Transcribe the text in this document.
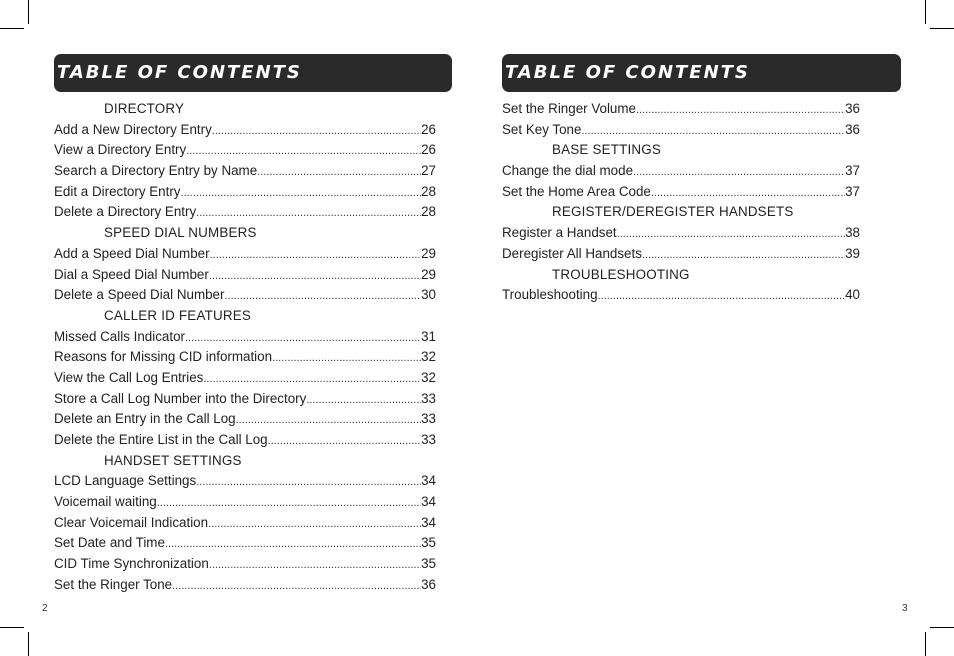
TABLE OF CONTENTS
DIRECTORY
Add a New Directory Entry .....	26
View a Directory Entry .....	26
Search a Directory Entry by Name .....	27
Edit a Directory Entry .....	28
Delete a Directory Entry .....	28
SPEED DIAL NUMBERS
Add a Speed Dial Number .....	29
Dial a Speed Dial Number .....	29
Delete a Speed Dial Number .....	30
CALLER ID FEATURES
Missed Calls Indicator .....	31
Reasons for Missing CID information .....	32
View the Call Log Entries .....	32
Store a Call Log Number into the Directory .....	33
Delete an Entry in the Call Log .....	33
Delete the Entire List in the Call Log .....	33
HANDSET SETTINGS
LCD Language Settings .....	34
Voicemail waiting .....	34
Clear Voicemail Indication .....	34
Set Date and Time .....	35
CID Time Synchronization .....	35
Set the Ringer Tone .....	36
2
TABLE OF CONTENTS
Set the Ringer Volume .....	36
Set Key Tone .....	36
BASE SETTINGS
Change the dial mode .....	37
Set the Home Area Code .....	37
REGISTER/DEREGISTER HANDSETS
Register a Handset .....	38
Deregister All Handsets .....	39
TROUBLESHOOTING
Troubleshooting .....	40
3
